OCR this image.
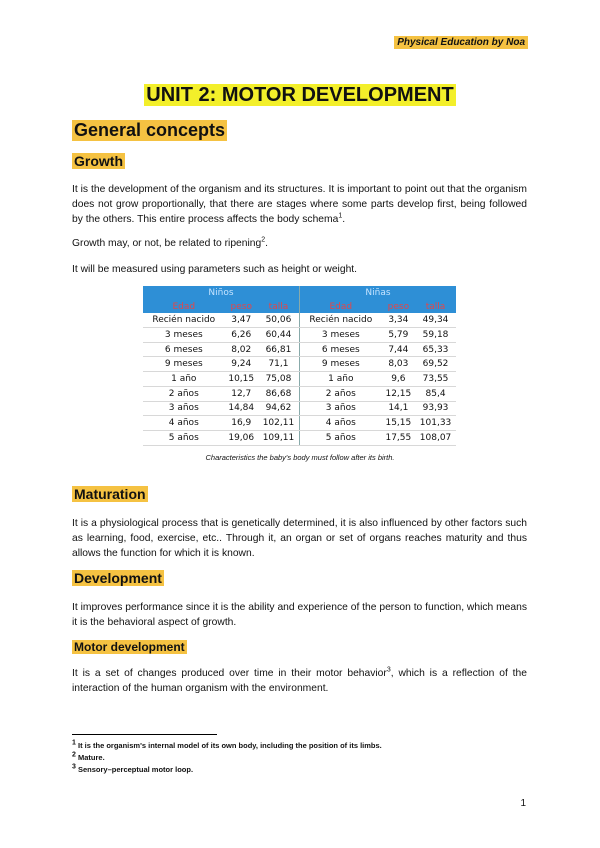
Physical Education by Noa
UNIT 2: MOTOR DEVELOPMENT
General concepts
Growth
It is the development of the organism and its structures. It is important to point out that the organism does not grow proportionally, that there are stages where some parts develop first, being followed by the others. This entire process affects the body schema$^1$.
Growth may, or not, be related to ripening$^2$.
It will be measured using parameters such as height or weight.
Niños			Niñas		
Edad	peso	talla	Edad	peso	talla
Recién nacido	3,47	50,06	Recién nacido	3,34	49,34
3 meses	6,26	60,44	3 meses	5,79	59,18
6 meses	8,02	66,81	6 meses	7,44	65,33
9 meses	9,24	71,1	9 meses	8,03	69,52
1 año	10,15	75,08	1 año	9,6	73,55
2 años	12,7	86,68	2 años	12,15	85,4
3 años	14,84	94,62	3 años	14,1	93,93
4 años	16,9	102,11	4 años	15,15	101,33
5 años	19,06	109,11	5 años	17,55	108,07
Characteristics the baby's body must follow after its birth.
Maturation
It is a physiological process that is genetically determined, it is also influenced by other factors such as learning, food, exercise, etc.. Through it, an organ or set of organs reaches maturity and thus allows the function for which it is known.
Development
It improves performance since it is the ability and experience of the person to function, which means it is the behavioral aspect of growth.
Motor development
It is a set of changes produced over time in their motor behavior$^3$, which is a reflection of the interaction of the human organism with the environment.
$^1$ It is the organism's internal model of its own body, including the position of its limbs.
$^2$ Mature.
$^3$ Sensory–perceptual motor loop.
1
